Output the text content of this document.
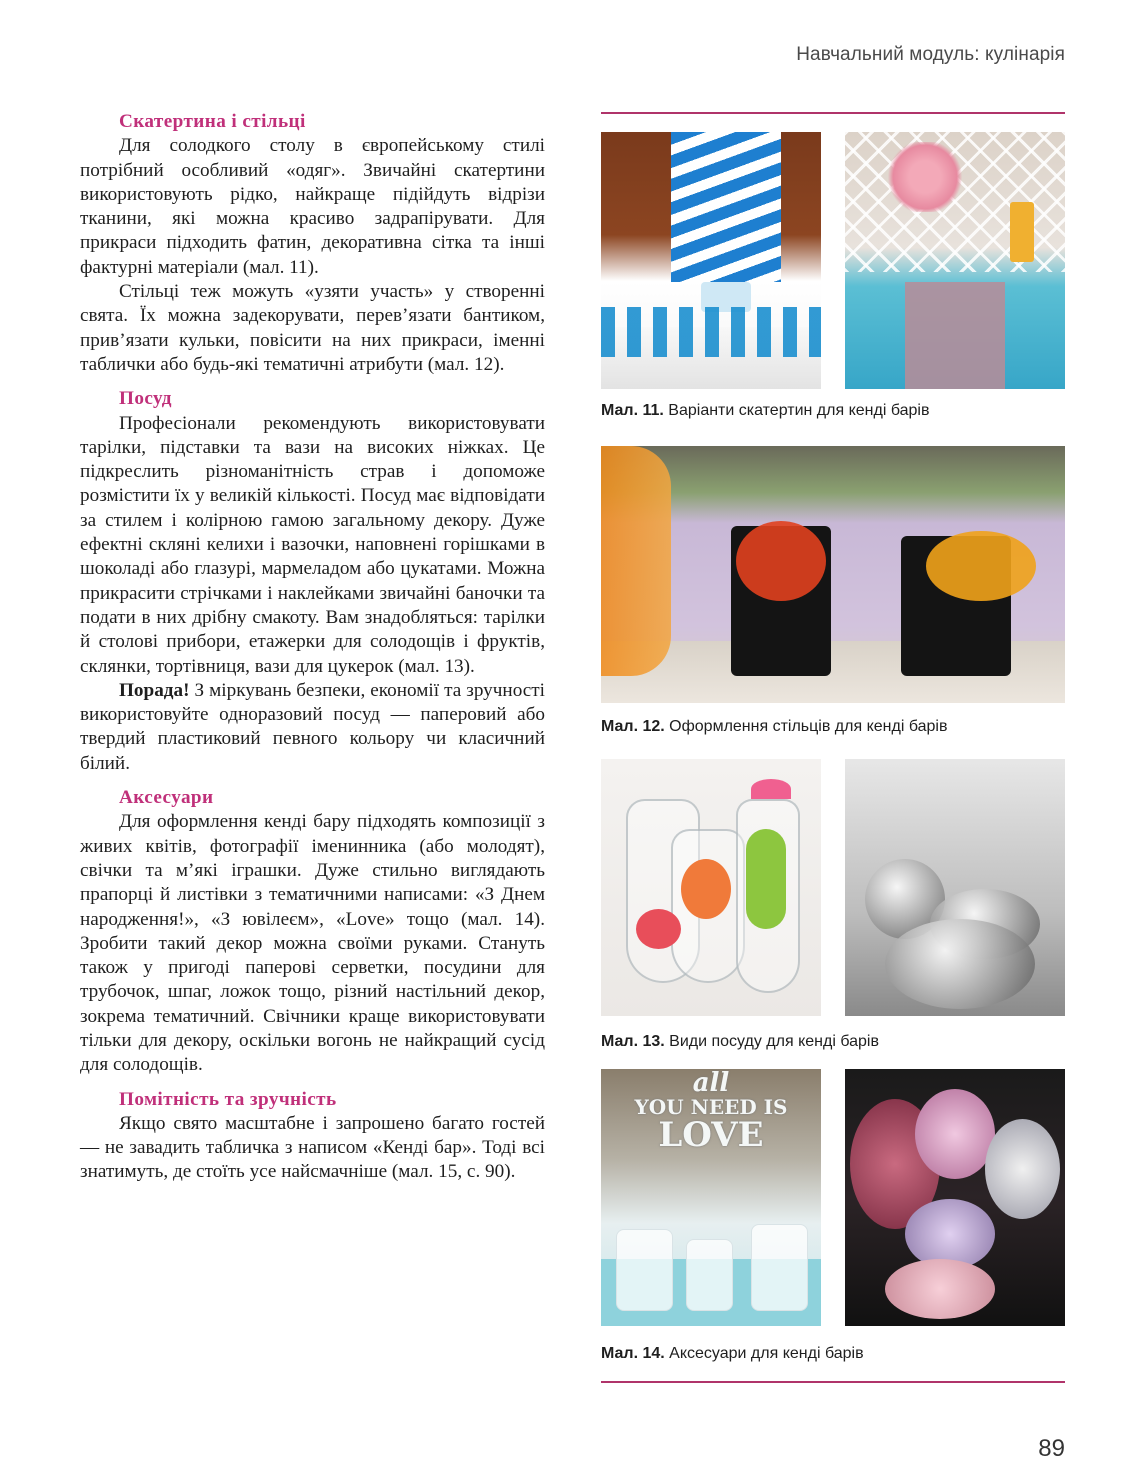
Навчальний модуль: кулінарія
Скатертина і стільці

Для солодкого столу в європейському стилі потрібний особливий «одяг». Звичайні скатертини використовують рідко, найкраще підійдуть відрізи тканини, які можна красиво задрапірувати. Для прикраси підходить фатин, декоративна сітка та інші фактурні матеріали (мал. 11).

Стільці теж можуть «узяти участь» у створенні свята. Їх можна задекорувати, перев’язати бантиком, прив’язати кульки, повісити на них прикраси, іменні таблички або будь-які тематичні атрибути (мал. 12).

Посуд

Професіонали рекомендують використовувати тарілки, підставки та вази на високих ніжках. Це підкреслить різноманітність страв і допоможе розмістити їх у великій кількості. Посуд має відповідати за стилем і колірною гамою загальному декору. Дуже ефектні скляні келихи і вазочки, наповнені горішками в шоколаді або глазурі, мармеладом або цукатами. Можна прикрасити стрічками і наклейками звичайні баночки та подати в них дрібну смакоту. Вам знадобляться: тарілки й столові прибори, етажерки для солодощів і фруктів, склянки, тортівниця, вази для цукерок (мал. 13).

Порада! З міркувань безпеки, економії та зручності використовуйте одноразовий посуд — паперовий або твердий пластиковий певного кольору чи класичний білий.

Аксесуари

Для оформлення кенді бару підходять композиції з живих квітів, фотографії іменинника (або молодят), свічки та м’які іграшки. Дуже стильно виглядають прапорці й листівки з тематичними написами: «З Днем народження!», «З ювілеєм», «Love» тощо (мал. 14). Зробити такий декор можна своїми руками. Стануть також у пригоді паперові серветки, посудини для трубочок, шпаг, ложок тощо, різний настільний декор, зокрема тематичний. Свічники краще використовувати тільки для декору, оскільки вогонь не найкращий сусід для солодощів.

Помітність та зручність

Якщо свято масштабне і запрошено багато гостей — не завадить табличка з написом «Кенді бар». Тоді всі знатимуть, де стоїть усе найсмачніше (мал. 15, с. 90).

Мал. 11. Варіанти скатертин для кенді барів
Мал. 12. Оформлення стільців для кенді барів
Мал. 13. Види посуду для кенді барів
all
YOU NEED IS
LOVE
Мал. 14. Аксесуари для кенді барів
89
